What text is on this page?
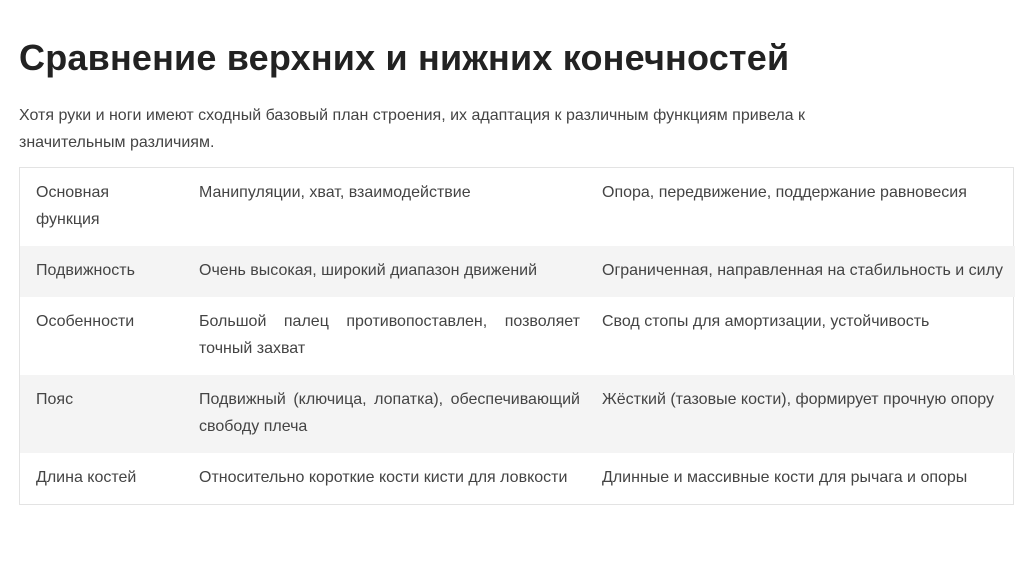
Сравнение верхних и нижних конечностей

Хотя руки и ноги имеют сходный базовый план строения, их адаптация к различным функциям привела к значительным различиям.

Основная функция	Манипуляции, хват, взаимодействие	Опора, передвижение, поддержание равновесия
Подвижность	Очень высокая, широкий диапазон движений	Ограниченная, направленная на стабильность и силу
Особенности	Большой палец противопоставлен, позволяет точный захват	Свод стопы для амортизации, устойчивость
Пояс	Подвижный (ключица, лопатка), обеспечивающий свободу плеча	Жёсткий (тазовые кости), формирует прочную опору
Длина костей	Относительно короткие кости кисти для ловкости	Длинные и массивные кости для рычага и опоры
